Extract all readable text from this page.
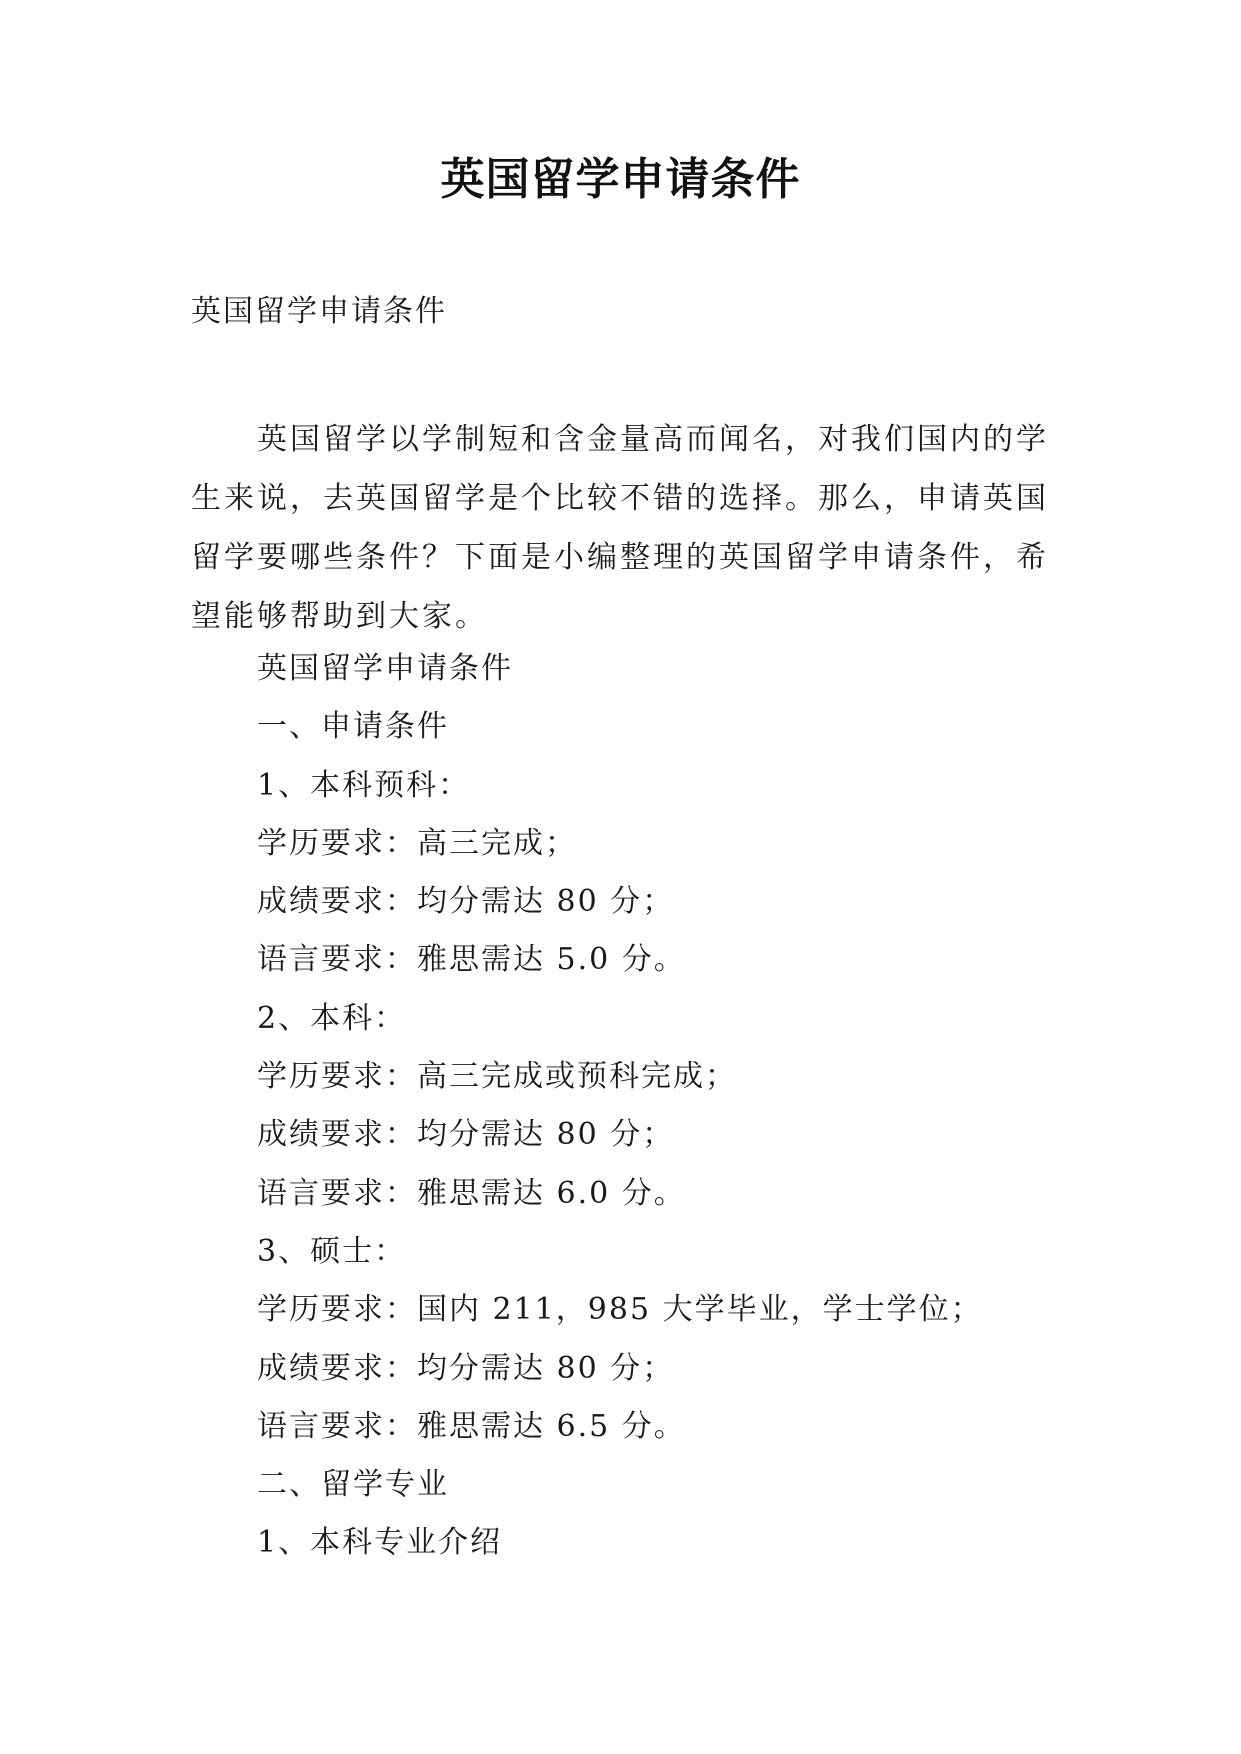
英国留学申请条件
英国留学申请条件

英国留学以学制短和含金量高而闻名，对我们国内的学生来说，去英国留学是个比较不错的选择。那么，申请英国留学要哪些条件？下面是小编整理的英国留学申请条件，希望能够帮助到大家。

英国留学申请条件
一、申请条件
1、本科预科：
学历要求：高三完成；
成绩要求：均分需达 80 分；
语言要求：雅思需达 5.0 分。
2、本科：
学历要求：高三完成或预科完成；
成绩要求：均分需达 80 分；
语言要求：雅思需达 6.0 分。
3、硕士：
学历要求：国内 211，985 大学毕业，学士学位；
成绩要求：均分需达 80 分；
语言要求：雅思需达 6.5 分。
二、留学专业
1、本科专业介绍
